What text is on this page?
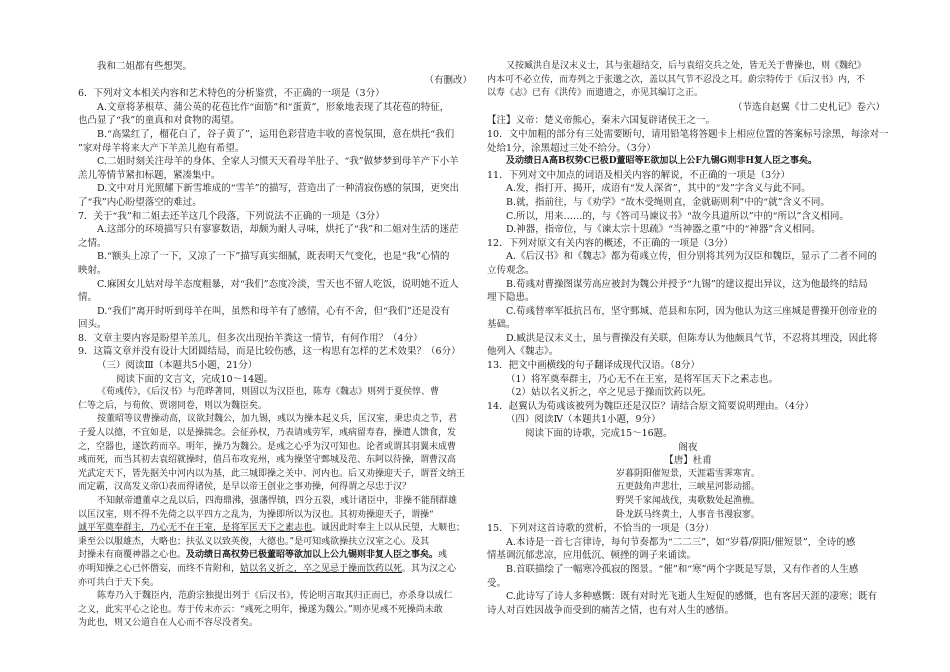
我和二姐都有些想哭。
（有删改）
6．下列对文本相关内容和艺术特色的分析鉴赏，不正确的一项是（3分）
A.文章将茅根草、蒲公英的花苞比作“面筋”和“蛋黄”，形象地表现了其花苞的特征，
也凸显了“我”的童真和对食物的渴望。
B.“高粱红了，榴花白了，谷子黄了”，运用色彩营造丰收的喜悦氛围，意在烘托“我们
”家对母羊将来大产下羊羔儿抱有希望。
C.二姐时刻关注母羊的身体、全家人习惯天天看母羊肚子、“我”做梦梦到母羊产下小羊
羔儿等情节紧扣标题，紧凑集中。
D.文中对月光照耀下新雪堆成的“雪羊”的描写，营造出了一种清寂伤感的氛围，更突出
了“我”内心盼望落空的难过。
7．关于“我”和二姐去还羊这几个段落，下列说法不正确的一项是（3分）
A.这部分的环境描写只有寥寥数语，却颇为耐人寻味，烘托了“我”和二姐对生活的迷茫
之情。
B.“额头上凉了一下，又凉了一下”描写真实细腻，既表明天气变化，也是“我”心情的
映射。
C.麻困女儿姑对母羊态度粗暴，对“我们”态度冷淡，雪天也不留人吃饭，说明她不近人
情。
D.“我们”离开时听到母羊在叫，虽然和母羊有了感情，心有不舍，但“我们”还是没有
回头。
8．文章主要内容是盼望羊羔儿，但多次出现抬羊粪这一情节，有何作用？（4分）
9．这篇文章并没有设计大团圆结局，而是比较伤感，这一构思有怎样的艺术效果？（6分）
（三）阅读Ⅲ（本题共5小题，21分）
阅读下面的文言文，完成10～14题。
《荀彧传》，《后汉书》与范晔著同，则固以为汉臣也，陈寿《魏志》则列于夏侯惇、曹
仁等之后，与荀攸、贾诩同卷，则以为魏臣矣。
按董昭等议曹操动高，议欲封魏公，加九锡，彧以为操本起义兵，匡汉室，秉忠贞之节，君
子爱人以德，不宜如是，以是操揣念。会征孙权，乃表请彧劳军，彧病留寿春，操遣人馈食，发
之，空器也，遂饮药而卒。明年，操乃为魏公。是彧之心乎为汉可知也。论者或谓其羽翼未成曹
彧而死，而当其初去袁绍就操时，值吕布攻兖州，彧为操坚守鄄城及范、东阿以待操，谓曹汉高
光武定天下，皆先据关中河内以为基，此三城即操之关中、河内也。后又劝操迎天子，谓晋文纳王
而定霸，汉高发义帝⑴表而得诸侯，是早以帝王创业之事劝操，何得谓之尽忠于汉？
不知献帝遭董卓之乱以后，四海鼎沸，强藩悍镇，四分五裂，彧计诸臣中，非操不能削群雄
以匡汉室，则不得不先倚之以平四方之乱为，为操即所以为汉也。其初劝操迎天子，谓操“
诚平军奠奉群主，乃心无不在王室，是将军匡天下之素志也。诚因此时奉主上以从民望，大顺也；
秉至公以服雄杰，大略也；扶弘义以致英俊，大德也。”是可知彧欲操扶立汉室之心。及其
封操未有商覆神器之心也。及动绩日高权势已极董昭等欲加以上公九锡则非复人臣之事矣。彧
亦明知操之心已怀僭妄，而终不肯附和，姑以名义折之，卒之见忌于操而饮药以死。其为汉之心
亦可共白于天下矣。
陈寿乃入于魏臣内，范蔚宗独提出列于《后汉书》，传论明言取其归正而已，亦杀身以成仁
之义，此实平心之论也。寿于传末亦云：“彧死之明年，操遂为魏公。”则亦见彧不死操尚未敢
为此也，则又公道自在人心而不容尽没者矣。
又按臧洪自是汉末义士，其与张超结交，后与袁绍交兵之处，皆无关于曹操也，则《魏纪》
内本可不必立传，而寿列之于张邈之次，盖以其气节不忍没之耳。蔚宗特传于《后汉书》内，不
以寿《志》已有《洪传》而遗遗之，亦见其编订之正。
（节选自赵翼《廿二史札记》卷六）
【注】义帝：楚义帝熊心，秦末六国复辟诸侯王之一。
10．文中加粗的部分有三处需要断句，请用铅笔将答题卡上相应位置的答案标号涂黑，每涂对一
处给1分，涂黑超过三处不给分。（3分）
及动绩日A高B权势C已极D董昭等E欲加以上公F九锡G则非H复人臣之事矣。
11．下列对文中加点的词语及相关内容的解说，不正确的一项是（3分）
A.发，指打开、揭开，成语有“发人深省”，其中的“发”字含义与此不同。
B.就，指前往，与《劝学》“故木受绳则直，金就砺则利”中的“就”含义不同。
C.所以，用来……的，与《答司马谏议书》“故今具道所以”中的“所以”含义相同。
D.神器，指帝位，与《谏太宗十思疏》“当神器之重”中的“神器”含义相同。
12．下列对原文有关内容的概述，不正确的一项是（3分）
A.《后汉书》和《魏志》都为荀彧立传，但分别将其列为汉臣和魏臣，显示了二者不同的
立传观念。
B.荀彧对曹操图谋劳高应被封为魏公并授予“九锡”的建议提出异议，这为他最终的结局
埋下隐患。
C.荀彧替率军抵抗吕布，坚守鄄城、范县和东阿，因为他认为这三座城是曹操开创帝业的
基础。
D.臧洪是汉末义士，虽与曹操没有关联，但陈寿认为他颇具气节，不忍将其埋没，因此将
他列入《魏志》。
13．把文中画横线的句子翻译成现代汉语。（8分）
（1）将军奠奉群主，乃心无不在王室，是将军匡天下之素志也。
（2）姑以名义折之，卒之见忌于操而饮药以死。
14．赵翼认为荀彧该被列为魏臣还是汉臣？请结合原文简要说明理由。（4分）
（四）阅读Ⅳ（本题共1小题，9分）
阅读下面的诗歌，完成15～16题。
阁夜
【唐】杜甫
岁暮阴阳催短景，天涯霜雪霁寒宵。
五更鼓角声悲壮，三峡星河影动摇。
野哭千家闻战伐，夷歌数处起渔樵。
卧龙跃马终黄土，人事音书漫寂寥。
15．下列对这首诗歌的赏析，不恰当的一项是（3分）
A.本诗是一首七言律诗，每句节奏都为“二二三”，如“岁暮/阴阳/催短景”，全诗的感
情基调沉郁悲凉，应用低沉、顿挫的调子来诵读。
B.首联描绘了一幅寒冷孤寂的图景。“催”和“寒”两个字既是写景，又有作者的人生感
受。
C.此诗写了诗人多种感慨：既有对时光飞逝人生短促的感慨，也有客居天涯的凄寒；既有
诗人对百姓因战争而受到的痛苦之情，也有对人生的感悟。
